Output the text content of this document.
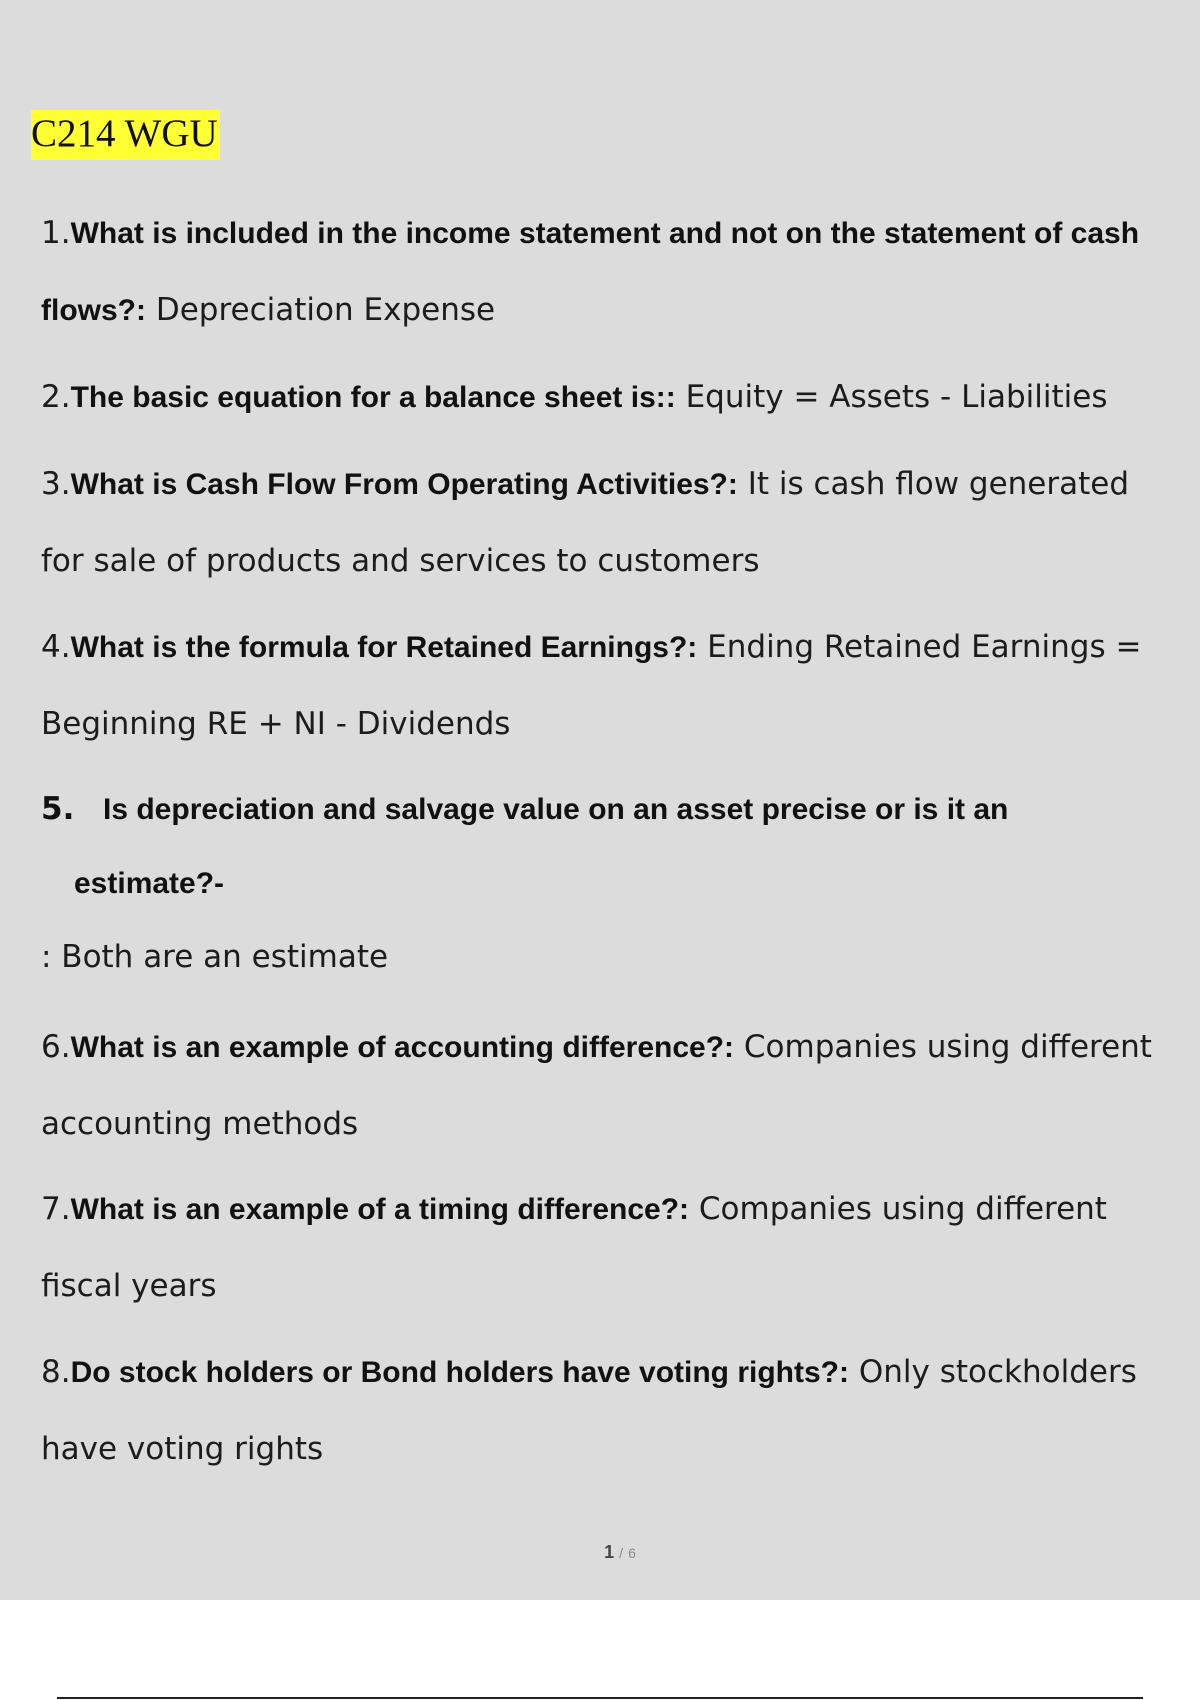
C214 WGU
1.What is included in the income statement and not on the statement of cash flows?: Depreciation Expense
2.The basic equation for a balance sheet is:: Equity = Assets - Liabilities
3.What is Cash Flow From Operating Activities?: It is cash flow generated for sale of products and services to customers
4.What is the formula for Retained Earnings?: Ending Retained Earnings = Beginning RE + NI - Dividends
5. Is depreciation and salvage value on an asset precise or is it an
estimate?-
: Both are an estimate
6.What is an example of accounting difference?: Companies using different accounting methods
7.What is an example of a timing difference?: Companies using different fiscal years
8.Do stock holders or Bond holders have voting rights?: Only stockholders have voting rights
1 / 6
